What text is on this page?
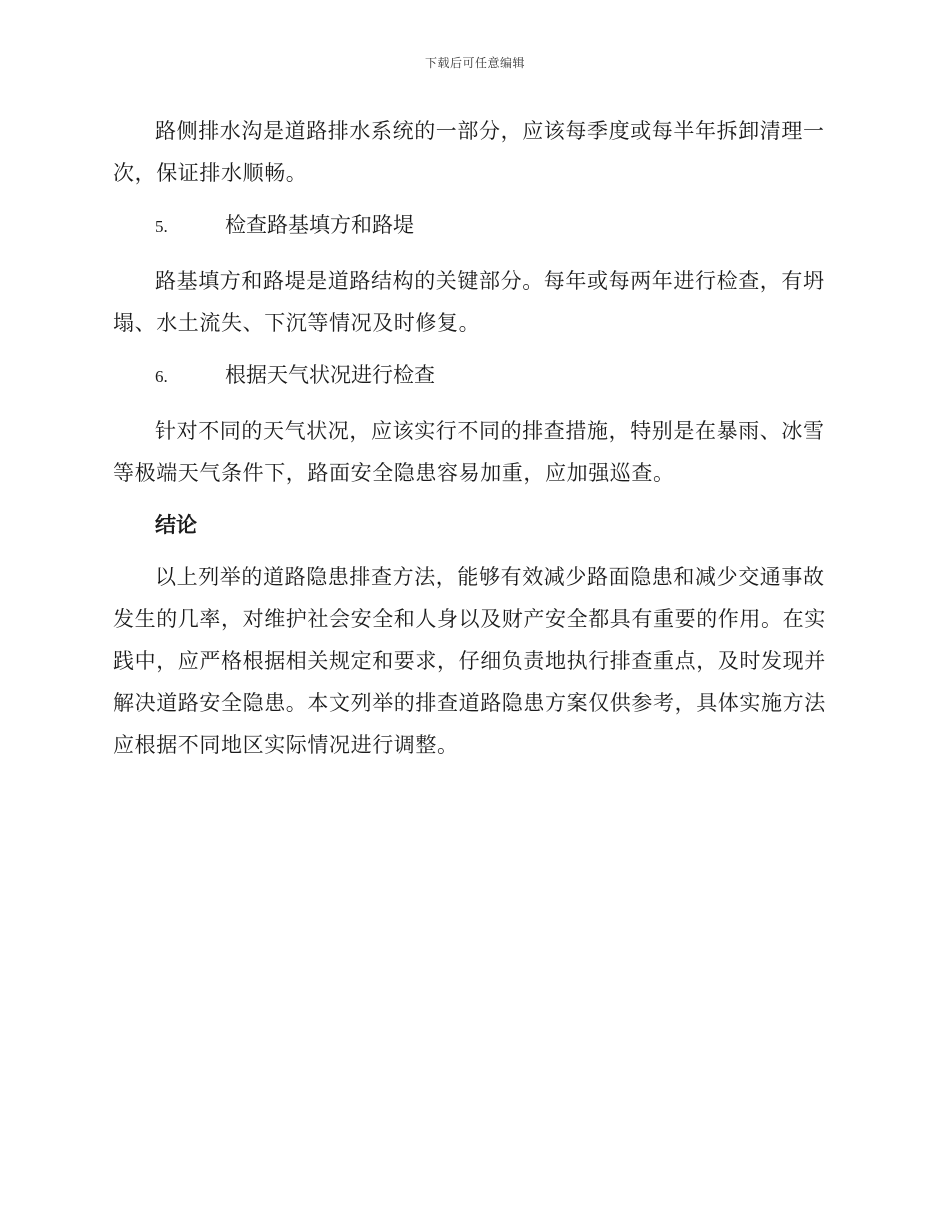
下载后可任意编辑

路侧排水沟是道路排水系统的一部分，应该每季度或每半年拆卸清理一次，保证排水顺畅。

5.	检查路基填方和路堤

路基填方和路堤是道路结构的关键部分。每年或每两年进行检查，有坍塌、水土流失、下沉等情况及时修复。

6.	根据天气状况进行检查

针对不同的天气状况，应该实行不同的排查措施，特别是在暴雨、冰雪等极端天气条件下，路面安全隐患容易加重，应加强巡查。

结论

以上列举的道路隐患排查方法，能够有效减少路面隐患和减少交通事故发生的几率，对维护社会安全和人身以及财产安全都具有重要的作用。在实践中，应严格根据相关规定和要求，仔细负责地执行排查重点，及时发现并解决道路安全隐患。本文列举的排查道路隐患方案仅供参考，具体实施方法应根据不同地区实际情况进行调整。
